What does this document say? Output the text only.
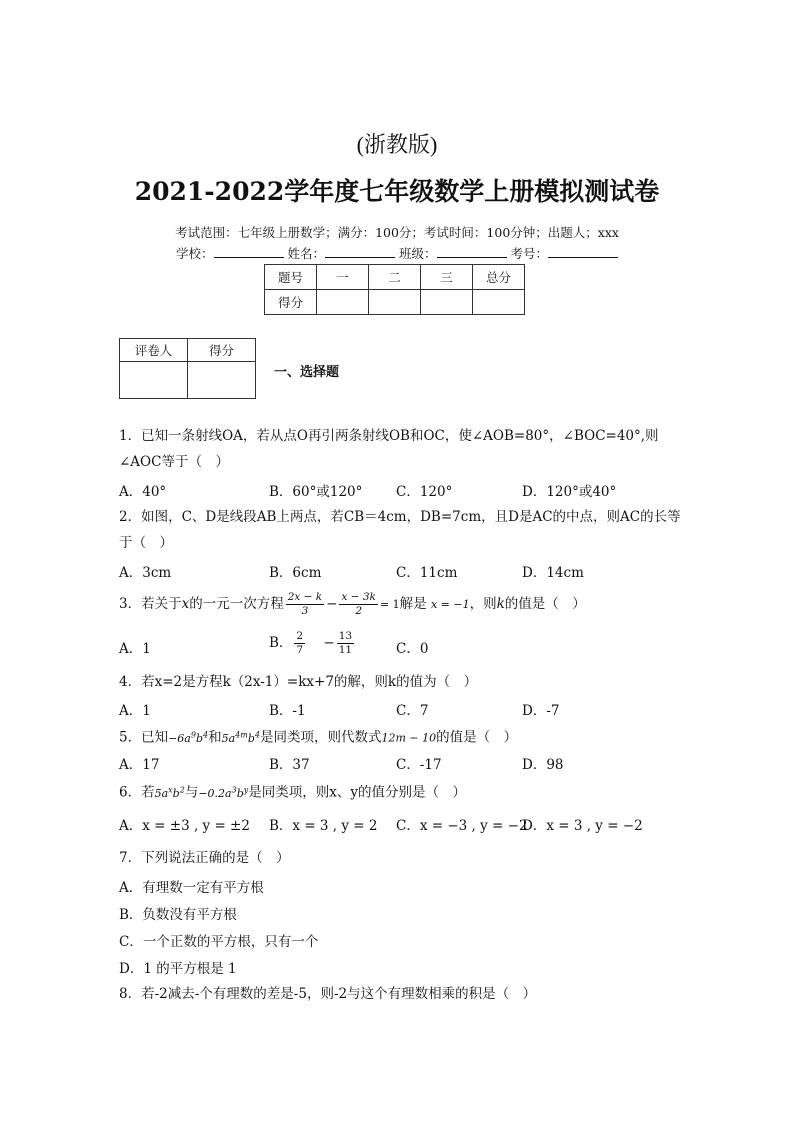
(浙教版)
2021-2022学年度七年级数学上册模拟测试卷
考试范围：七年级上册数学；满分：100分；考试时间：100分钟；出题人；xxx
学校：	姓名：	班级：	考号：
题号	一	二	三	总分
得分				
评卷人	得分

一、选择题
1．已知一条射线OA，若从点O再引两条射线OB和OC，使∠AOB=80°，∠BOC=40°,则
∠AOC等于（　）
A．40°	B．60°或120° C．120°	D．120°或40°
2．如图，C、D是线段AB上两点，若CB＝4cm，DB=7cm，且D是AC的中点，则AC的长等
于（　）
A．3cm	B．6cm	C．11cm	D．14cm
3．若关于x的一元一次方程 $\frac{2x - k}{3} - \frac{x - 3k}{2} = 1$解是 x = −1，则k的值是（　）
A．1	B． $\frac{2}{7} - \frac{13}{11}$	C．0
4．若x=2是方程k（2x-1）=kx+7的解，则k的值为（　）
A．1	B．-1	C．7	D．-7
5．已知$-6a^9b^4$和$5a^{4m}b^4$是同类项，则代数式12m − 10的值是（　）
A．17	B．37	C．-17	D．98
6．若$5a^xb^2$与$-0.2a^3b^y$是同类项，则x、y的值分别是（　）
A．x = ±3 , y = ±2 B．x = 3 , y = 2 C．x = −3 , y = −2
D．x = 3 , y = −2
7．下列说法正确的是（　）
A．有理数一定有平方根
B．负数没有平方根
C．一个正数的平方根，只有一个
D．1 的平方根是 1
8．若-2减去-个有理数的差是-5，则-2与这个有理数相乘的积是（　）
